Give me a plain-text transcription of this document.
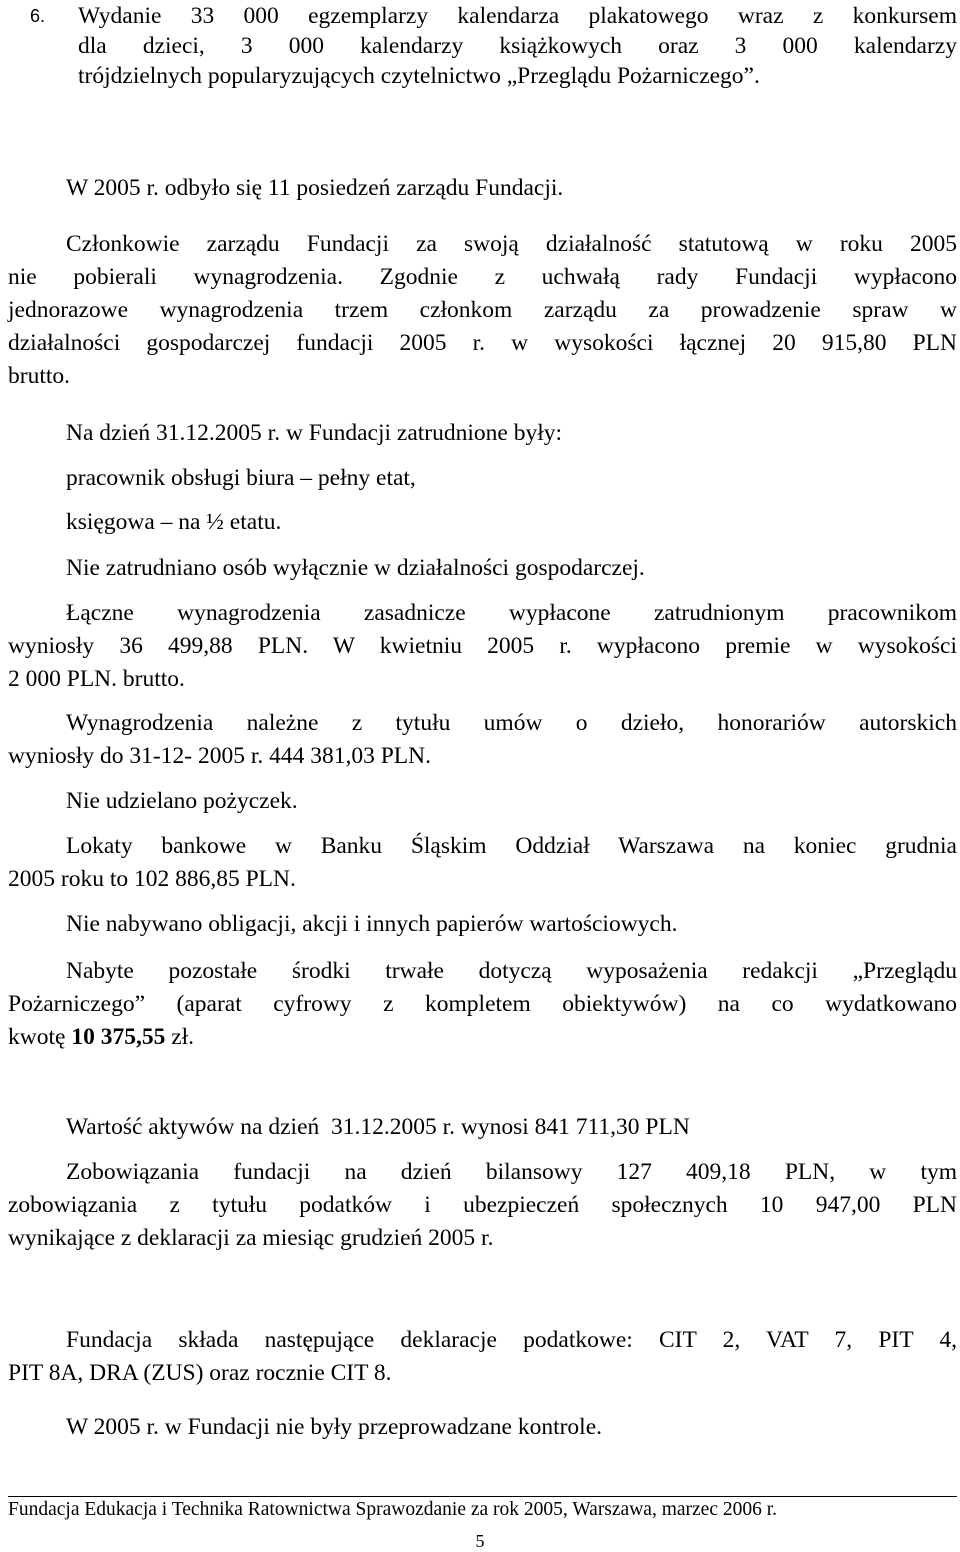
6. Wydanie 33 000 egzemplarzy kalendarza plakatowego wraz z konkursem
dla dzieci, 3 000 kalendarzy książkowych oraz 3 000 kalendarzy
trójdzielnych popularyzujących czytelnictwo „Przeglądu Pożarniczego”.
W 2005 r. odbyło się 11 posiedzeń zarządu Fundacji.
Członkowie zarządu Fundacji za swoją działalność statutową w roku 2005
nie pobierali wynagrodzenia. Zgodnie z uchwałą rady Fundacji wypłacono
jednorazowe wynagrodzenia trzem członkom zarządu za prowadzenie spraw w
działalności gospodarczej fundacji 2005 r. w wysokości łącznej 20 915,80 PLN
brutto.
Na dzień 31.12.2005 r. w Fundacji zatrudnione były:
pracownik obsługi biura – pełny etat,
księgowa – na ½ etatu.
Nie zatrudniano osób wyłącznie w działalności gospodarczej.
Łączne wynagrodzenia zasadnicze wypłacone zatrudnionym pracownikom
wyniosły 36 499,88 PLN. W kwietniu 2005 r. wypłacono premie w wysokości
2 000 PLN. brutto.
Wynagrodzenia należne z tytułu umów o dzieło, honorariów autorskich
wyniosły do 31-12- 2005 r. 444 381,03 PLN.
Nie udzielano pożyczek.
Lokaty bankowe w Banku Śląskim Oddział Warszawa na koniec grudnia
2005 roku to 102 886,85 PLN.
Nie nabywano obligacji, akcji i innych papierów wartościowych.
Nabyte pozostałe środki trwałe dotyczą wyposażenia redakcji „Przeglądu
Pożarniczego” (aparat cyfrowy z kompletem obiektywów) na co wydatkowano
kwotę 10 375,55 zł.
Wartość aktywów na dzień  31.12.2005 r. wynosi 841 711,30 PLN
Zobowiązania fundacji na dzień bilansowy 127 409,18 PLN, w tym
zobowiązania z tytułu podatków i ubezpieczeń społecznych 10 947,00 PLN
wynikające z deklaracji za miesiąc grudzień 2005 r.
Fundacja składa następujące deklaracje podatkowe: CIT 2, VAT 7, PIT 4,
PIT 8A, DRA (ZUS) oraz rocznie CIT 8.
W 2005 r. w Fundacji nie były przeprowadzane kontrole.
Fundacja Edukacja i Technika Ratownictwa Sprawozdanie za rok 2005, Warszawa, marzec 2006 r.
5
